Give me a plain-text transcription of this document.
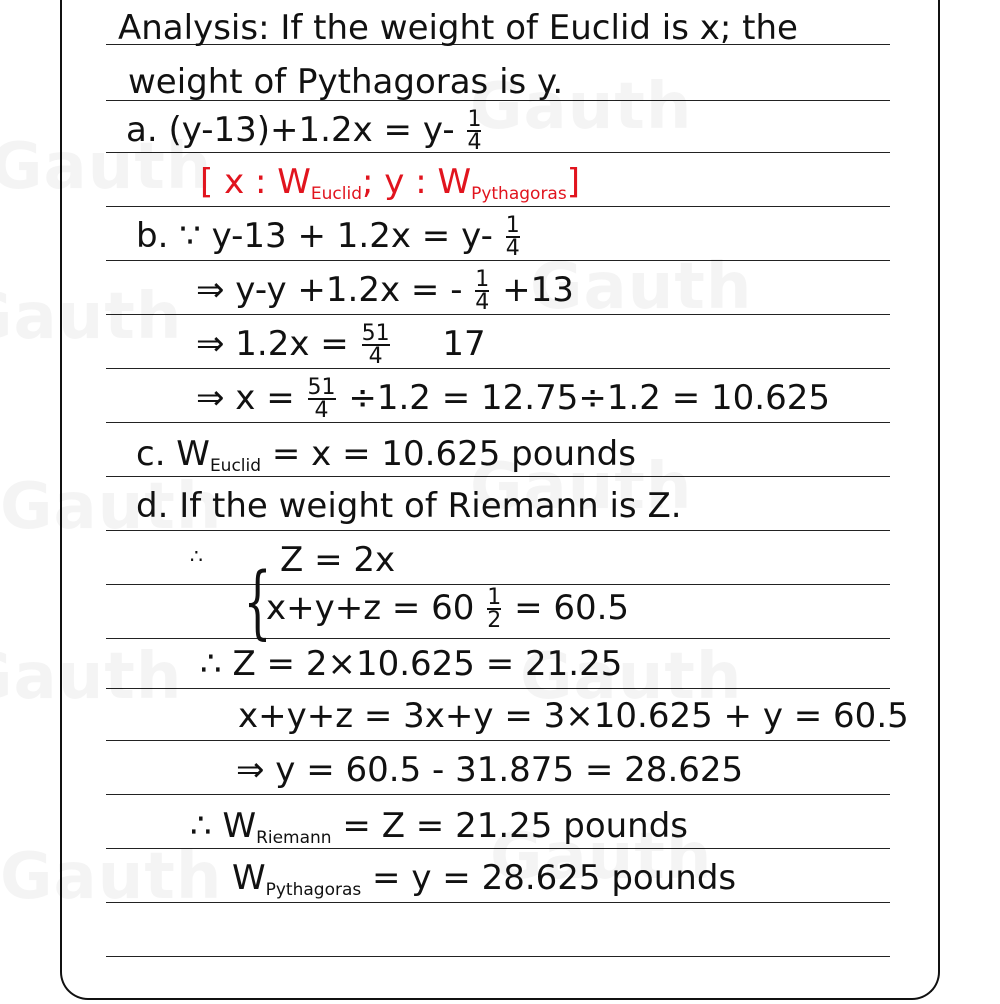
Analysis: If the weight of Euclid is x; the
weight of Pythagoras is y.
a. $(y-13)+1.2x = y- \frac{1}{4}$
[ x : $W_{Euclid}$; y : $W_{Pythagoras}$]
b. ∵ $y-13 + 1.2x = y- \frac{1}{4}$
⇒ y-y +1.2x = - $\frac{1}{4} +13$
⇒ $1.2x = \frac{51}{4} 17$
⇒ $x = \frac{51}{4} \div 1.2 = 12.75\div 1.2 = 10.625$
c. $W_{Euclid} = x = 10.625$ pounds
d. If the weight of Riemann is Z.
∴ { Z = 2x
$x+y+z = 60 \frac{1}{2} = 60.5$
∴ Z = 2×10.625 = 21.25
x+y+z = 3x+y = 3×10.625 + y = 60.5
⇒ y = 60.5 - 31.875 = 28.625
∴ $W_{Riemann} = Z = 21.25$ pounds
$W_{Pythagoras} = y = 28.625$ pounds
